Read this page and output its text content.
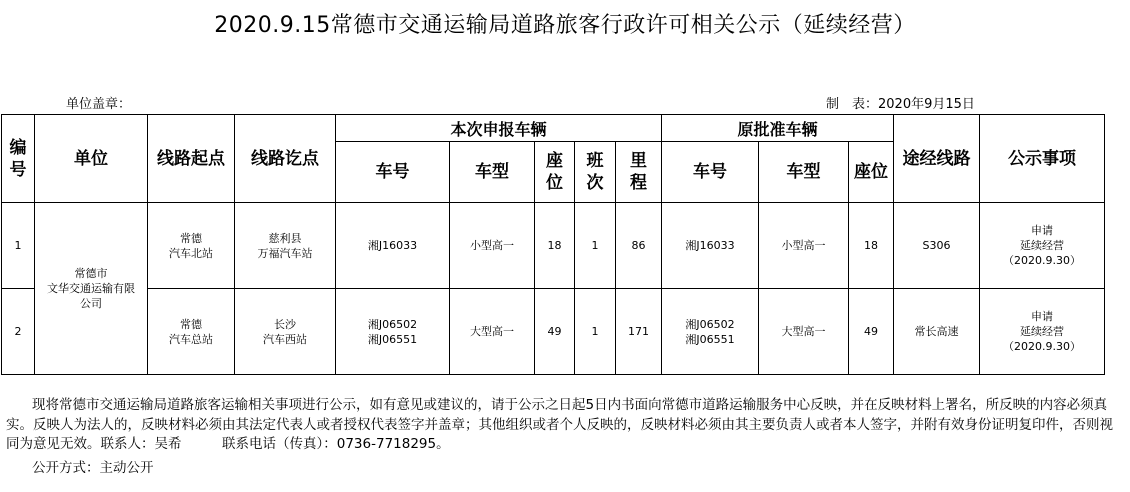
2020.9.15常德市交通运输局道路旅客行政许可相关公示（延续经营）
单位盖章：	制　表：2020年9月15日
编号	单位	线路起点	线路讫点	本次申报车辆					原批准车辆			途经线路	公示事项
				车号	车型	座位	班次	里程	车号	车型	座位		
1	常德市
文华交通运输有限
公司	常德
汽车北站	慈利县
万福汽车站	湘J16033	小型高一	18	1	86	湘J16033	小型高一	18	S306	申请
延续经营
（2020.9.30）

2		常德
汽车总站	长沙
汽车西站	湘J06502
湘J06551	大型高一	49	1	171	湘J06502
湘J06551	大型高一	49	常长高速	申请
延续经营
（2020.9.30）

现将常德市交通运输局道路旅客运输相关事项进行公示，如有意见或建议的，请于公示之日起5日内书面向常德市道路运输服务中心反映，并在反映材料上署名，所反映的内容必须真实。反映人为法人的，反映材料必须由其法定代表人或者授权代表签字并盖章；其他组织或者个人反映的，反映材料必须由其主要负责人或者本人签字，并附有效身份证明复印件，否则视同为意见无效。联系人：吴希　　　联系电话（传真）：0736-7718295。

公开方式：主动公开
